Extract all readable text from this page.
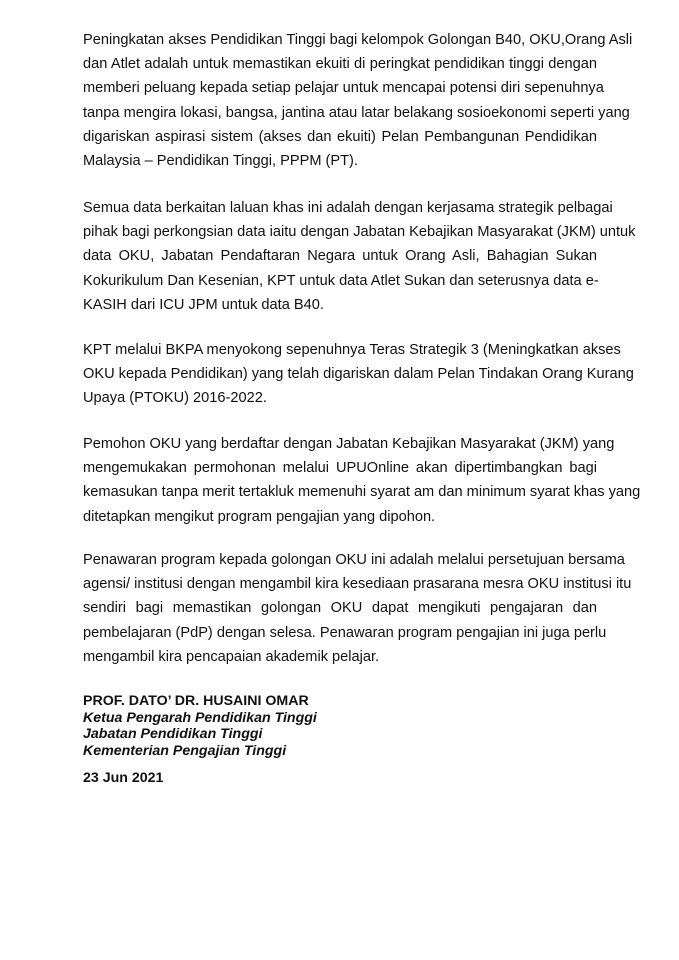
Peningkatan akses Pendidikan Tinggi bagi kelompok Golongan B40, OKU,Orang Asli
dan Atlet adalah untuk memastikan ekuiti di peringkat pendidikan tinggi dengan
memberi peluang kepada setiap pelajar untuk mencapai potensi diri sepenuhnya
tanpa mengira lokasi, bangsa, jantina atau latar belakang sosioekonomi seperti yang
digariskan aspirasi sistem (akses dan ekuiti) Pelan Pembangunan Pendidikan
Malaysia – Pendidikan Tinggi, PPPM (PT).

Semua data berkaitan laluan khas ini adalah dengan kerjasama strategik pelbagai
pihak bagi perkongsian data iaitu dengan Jabatan Kebajikan Masyarakat (JKM) untuk
data OKU, Jabatan Pendaftaran Negara untuk Orang Asli, Bahagian Sukan
Kokurikulum Dan Kesenian, KPT untuk data Atlet Sukan dan seterusnya data e-
KASIH dari ICU JPM untuk data B40.

KPT melalui BKPA menyokong sepenuhnya Teras Strategik 3 (Meningkatkan akses
OKU kepada Pendidikan) yang telah digariskan dalam Pelan Tindakan Orang Kurang
Upaya (PTOKU) 2016-2022.

Pemohon OKU yang berdaftar dengan Jabatan Kebajikan Masyarakat (JKM) yang
mengemukakan permohonan melalui UPUOnline akan dipertimbangkan bagi
kemasukan tanpa merit tertakluk memenuhi syarat am dan minimum syarat khas yang
ditetapkan mengikut program pengajian yang dipohon.

Penawaran program kepada golongan OKU ini adalah melalui persetujuan bersama
agensi/ institusi dengan mengambil kira kesediaan prasarana mesra OKU institusi itu
sendiri bagi memastikan golongan OKU dapat mengikuti pengajaran dan
pembelajaran (PdP) dengan selesa. Penawaran program pengajian ini juga perlu
mengambil kira pencapaian akademik pelajar.

PROF. DATO’ DR. HUSAINI OMAR
Ketua Pengarah Pendidikan Tinggi
Jabatan Pendidikan Tinggi
Kementerian Pengajian Tinggi
23 Jun 2021
